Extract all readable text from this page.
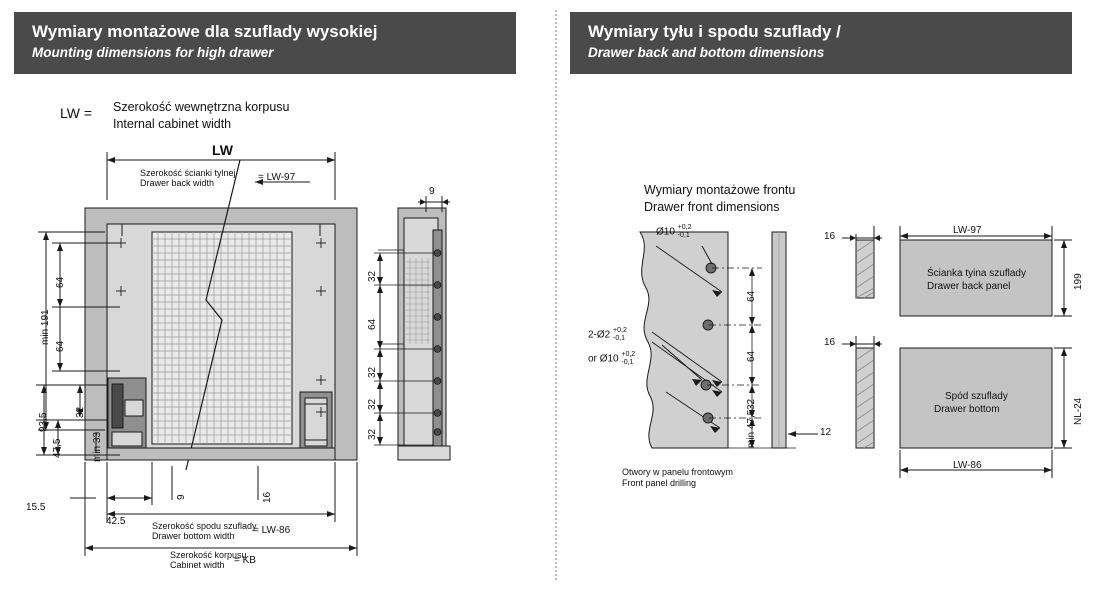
Wymiary montażowe dla szuflady wysokiej
Mounting dimensions for high drawer
LW = Szerokość wewnętrzna korpusu
Internal cabinet width
LW
Szerokość ścianki tylnej
Drawer back width	= LW-97
min 191
64
64
93,5
47,5
32
min 33
15.5
42.5
9	16
Szerokość spodu szuflady
Drawer bottom width = LW-86
Szerokość korpusu
Cabinet width = KB
9
32
64
32
32
32
Wymiary tyłu i spodu szuflady /
Drawer back and bottom dimensions
Wymiary montażowe frontu
Drawer front dimensions
Ø10 +0,2
-0,1
2-Ø2 +0,2
-0,1
or Ø10 +0,2
-0,1
64
64
32
min 47,5	12
Otwory w panelu frontowym
Front panel drilling
16
LW-97
199
Ścianka tyina szuflady
Drawer back panel
16
NL-24
LW-86
Spód szuflady
Drawer bottom
